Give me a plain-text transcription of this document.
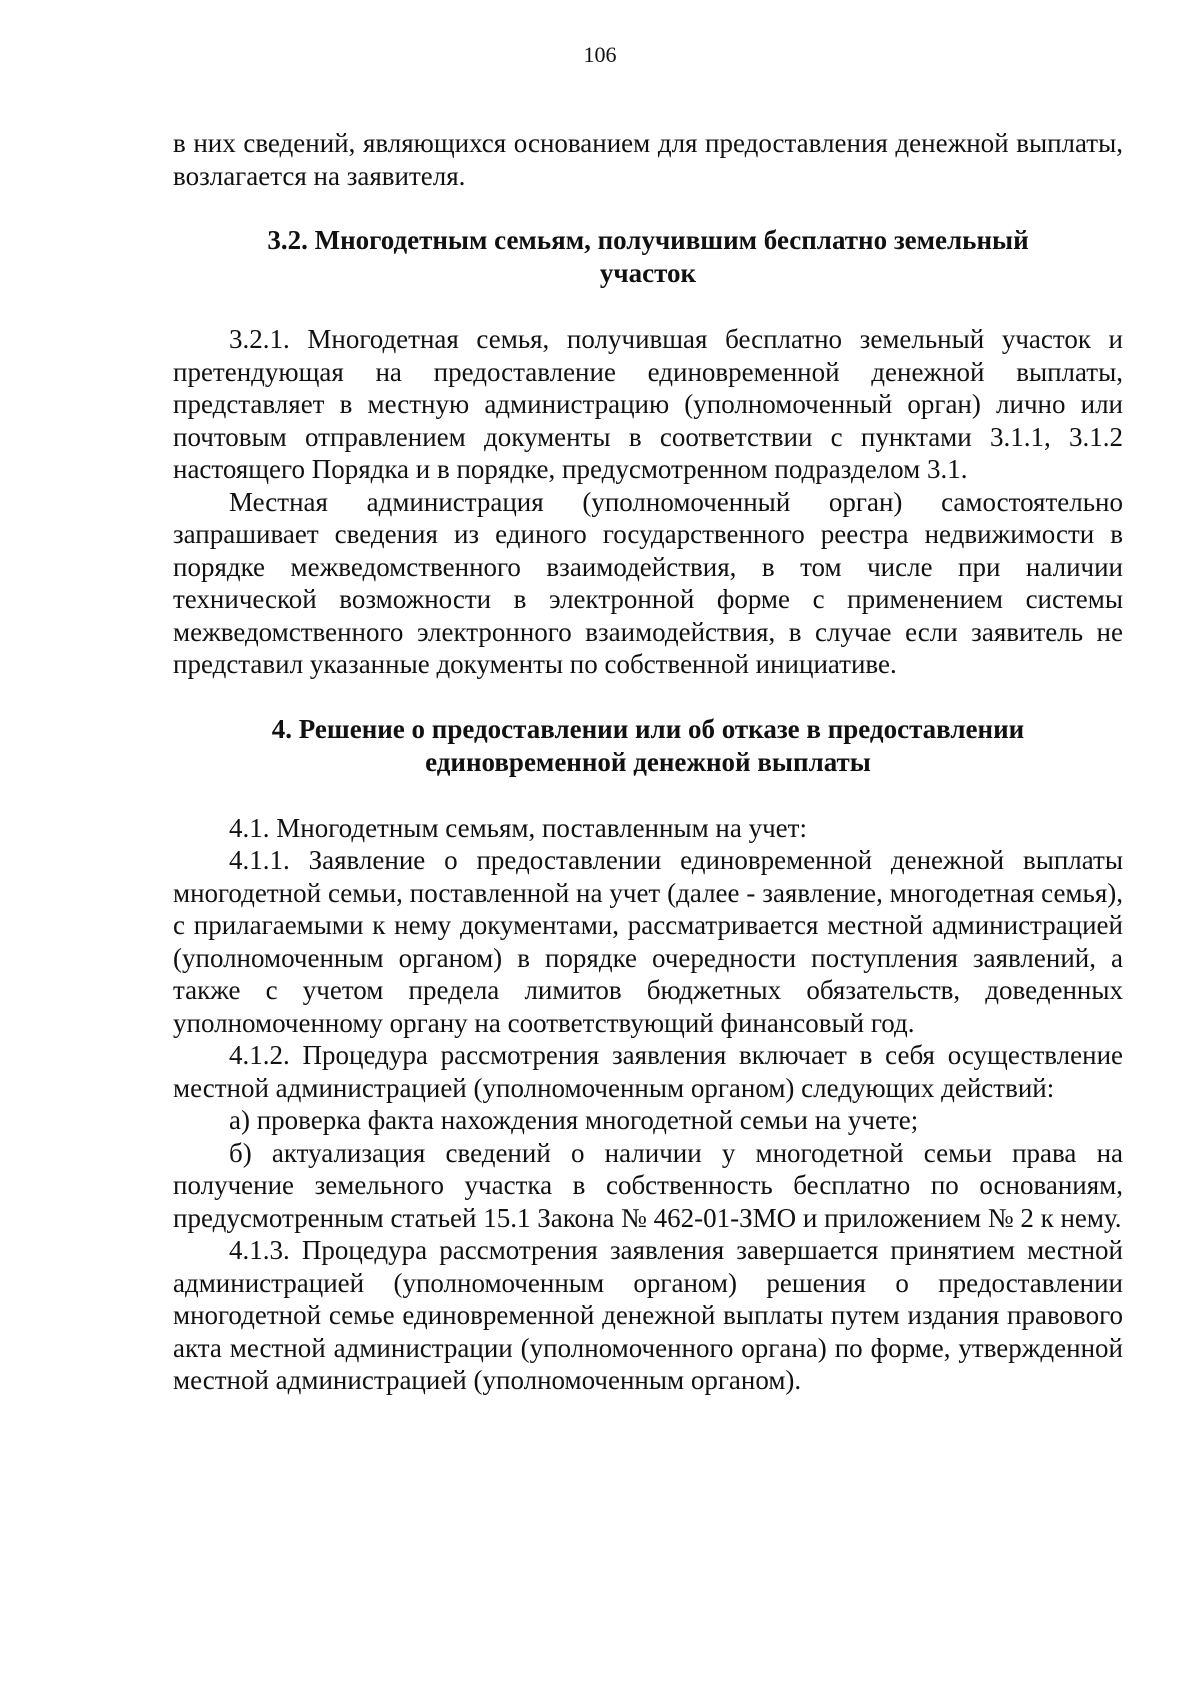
106

в них сведений, являющихся основанием для предоставления денежной выплаты, возлагается на заявителя.

3.2. Многодетным семьям, получившим бесплатно земельный
участок

3.2.1. Многодетная семья, получившая бесплатно земельный участок и претендующая на предоставление единовременной денежной выплаты, представляет в местную администрацию (уполномоченный орган) лично или почтовым отправлением документы в соответствии с пунктами 3.1.1, 3.1.2 настоящего Порядка и в порядке, предусмотренном подразделом 3.1.

Местная администрация (уполномоченный орган) самостоятельно запрашивает сведения из единого государственного реестра недвижимости в порядке межведомственного взаимодействия, в том числе при наличии технической возможности в электронной форме с применением системы межведомственного электронного взаимодействия, в случае если заявитель не представил указанные документы по собственной инициативе.

4. Решение о предоставлении или об отказе в предоставлении
единовременной денежной выплаты

4.1. Многодетным семьям, поставленным на учет:

4.1.1. Заявление о предоставлении единовременной денежной выплаты многодетной семьи, поставленной на учет (далее - заявление, многодетная семья), с прилагаемыми к нему документами, рассматривается местной администрацией (уполномоченным органом) в порядке очередности поступления заявлений, а также с учетом предела лимитов бюджетных обязательств, доведенных уполномоченному органу на соответствующий финансовый год.

4.1.2. Процедура рассмотрения заявления включает в себя осуществление местной администрацией (уполномоченным органом) следующих действий:

а) проверка факта нахождения многодетной семьи на учете;

б) актуализация сведений о наличии у многодетной семьи права на получение земельного участка в собственность бесплатно по основаниям, предусмотренным статьей 15.1 Закона № 462-01-ЗМО и приложением № 2 к нему.

4.1.3. Процедура рассмотрения заявления завершается принятием местной администрацией (уполномоченным органом) решения о предоставлении многодетной семье единовременной денежной выплаты путем издания правового акта местной администрации (уполномоченного органа) по форме, утвержденной местной администрацией (уполномоченным органом).
